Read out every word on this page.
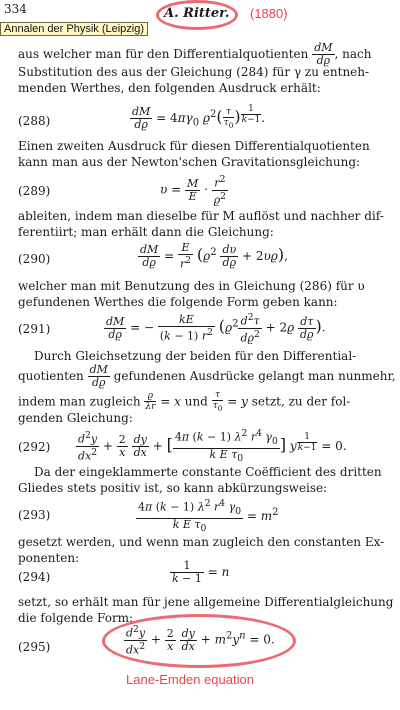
334	A. Ritter. (1880)
Annalen der Physik (Leipzig)
aus welcher man für den Differentialquotienten $\frac{dM}{dϱ}$ , nach
Substitution des aus der Gleichung (284) für γ zu entneh-
menden Werthes, den folgenden Ausdruck erhält:
(288)	$\frac{dM}{dϱ} = 4\pi\gamma_0$ $ϱ^2( \frac{\tau}{\tau_0}$ ) $^{\frac{1}{k-1}}$ .
Einen zweiten Ausdruck für diesen Differentialquotienten
kann man aus der Newton'schen Gravitationsgleichung:
(289)	$\upsilon = \frac{M}{E} \cdot \frac{r^2}{ϱ^2}$
ableiten, indem man dieselbe für M auflöst und nachher dif-
ferentiirt; man erhält dann die Gleichung:
(290)	$\frac{dM}{dϱ} = \frac{E}{r^2} (ϱ^2 \frac{d\upsilon}{dϱ} + 2\upsilon ϱ)$,
welcher man mit Benutzung des in Gleichung (286) für υ
gefundenen Werthes die folgende Form geben kann:
(291)	$\frac{dM}{dϱ}$ = − $\frac{kE}{(k - 1) r^2} (ϱ^2 \frac{d^2\tau}{dϱ^2} + 2ϱ \frac{d\tau}{dϱ}$ ).
Durch Gleichsetzung der beiden für den Differential-
quotienten $\frac{dM}{dϱ}$ gefundenen Ausdrücke gelangt man nunmehr,
indem man zugleich $\frac{ϱ}{\lambda r} = x$ und $\frac{\tau}{\tau_0} = y$ setzt, zu der fol-
genden Gleichung:
$(292) \frac{d^2y}{dx^2} + \frac{2}{x}$
$\frac{dy}{dx}$ + [ $\frac{4\pi (k - 1) \lambda^2 r^4 \gamma_0}{k E \tau_0}$ ] y $^{\frac{1}{k-1}}$ = 0.
Da der eingeklammerte constante Coëfficient des dritten
Gliedes stets positiv ist, so kann abkürzungsweise:
(293)	$\frac{4\pi (k - 1) \lambda^2 r^4 \gamma_0}{k E \tau_0} = m^2$
gesetzt werden, und wenn man zugleich den constanten Ex-
ponenten:
(294)	$\frac{1}{k - 1} = n$
setzt, so erhält man für jene allgemeine Differentialgleichung
die folgende Form:
(295)	$\frac{d^2y}{dx^2} + \frac{2}{x}$
$\frac{dy}{dx} + m^2y^n = 0$.
Lane-Emden equation
